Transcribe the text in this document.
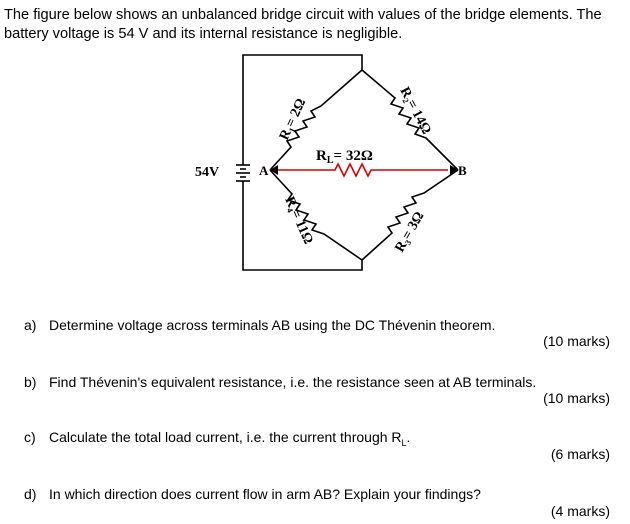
The figure below shows an unbalanced bridge circuit with values of the bridge elements. The
battery voltage is 54 V and its internal resistance is negligible.
54V	A	B
R₁= 2Ω	R₂= 14Ω
R₃= 3Ω
R₄= 11Ω
$R_L= 32\Omega$
a) Determine voltage across terminals AB using the DC Thévenin theorem.
(10 marks)
b) Find Thévenin's equivalent resistance, i.e. the resistance seen at AB terminals.
(10 marks)
c) Calculate the total load current, i.e. the current through $R_L$.
(6 marks)
d) In which direction does current flow in arm AB? Explain your findings?
(4 marks)
